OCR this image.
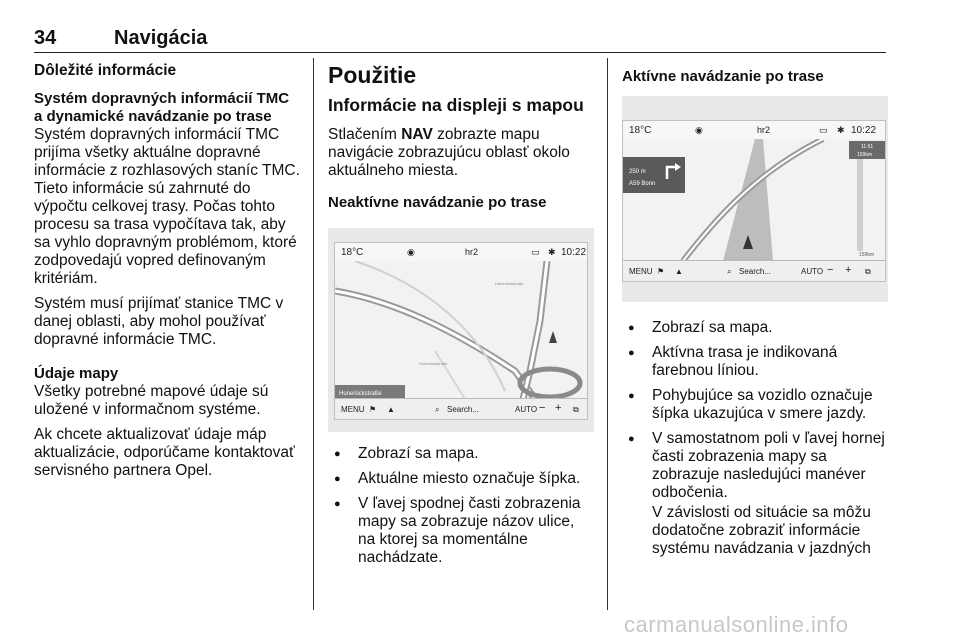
34	Navigácia
Dôležité informácie

Systém dopravných informácií TMC a dynamické navádzanie po trase

Systém dopravných informácií TMC prijíma všetky aktuálne dopravné informácie z rozhlasových staníc TMC. Tieto informácie sú zahrnuté do výpočtu celkovej trasy. Počas tohto procesu sa trasa vypočítava tak, aby sa vyhlo dopravným problémom, ktoré zodpovedajú vopred definovaným kritériám.

Systém musí prijímať stanice TMC v danej oblasti, aby mohol používať dopravné informácie TMC.

Údaje mapy

Všetky potrebné mapové údaje sú uložené v informačnom systéme.

Ak chcete aktualizovať údaje máp aktualizácie, odporúčame kontaktovať servisného partnera Opel.

Použitie
Informácie na displeji s mapou

Stlačením NAV zobrazte mapu navigácie zobrazujúcu oblasť okolo aktuálneho miesta.

Neaktívne navádzanie po trase

18°C	◉	hr2	▭ ✱ 10:22
Hunerückstraße
Hunerückstraße
Hunerückstraße
MENU ⚑ ▲	⌕ Search...	AUTO − + ⧉
● Zobrazí sa mapa.
● Aktuálne miesto označuje šípka.
● V ľavej spodnej časti zobrazenia mapy sa zobrazuje názov ulice, na ktorej sa momentálne nachádzate.

Aktívne navádzanie po trase

18°C	◉	hr2	▭ ✱ 10:22
250 m
A59 Bonn
11:51
159km
159km
MENU ⚑ ▲	⌕ Search...	AUTO − + ⧉
● Zobrazí sa mapa.
● Aktívna trasa je indikovaná farebnou líniou.
● Pohybujúce sa vozidlo označuje šípka ukazujúca v smere jazdy.
● V samostatnom poli v ľavej hornej časti zobrazenia mapy sa zobrazuje nasledujúci manéver odbočenia.

V závislosti od situácie sa môžu dodatočne zobraziť informácie systému navádzania v jazdných

carmanualsonline.info
